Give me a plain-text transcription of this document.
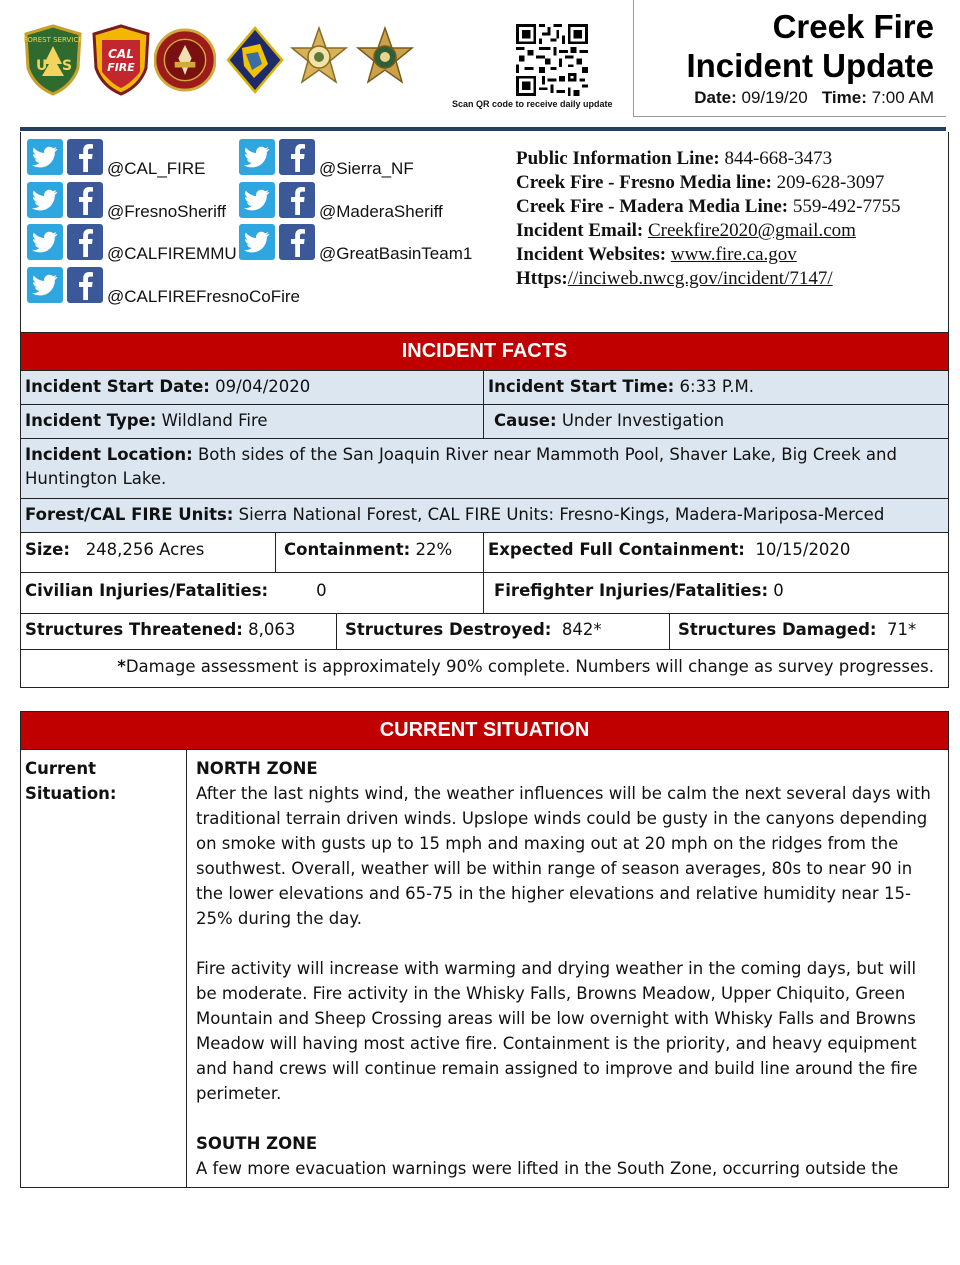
FOREST SERVICE
U S
CAL
FIRE
Scan QR code to receive daily update
Creek Fire
Incident Update
Date: 09/19/20 Time: 7:00 AM
@CAL_FIRE	@Sierra_NF
@FresnoSheriff	@MaderaSheriff
@CALFIREMMU	@GreatBasinTeam1
@CALFIREFresnoCoFire
Public Information Line: 844-668-3473
Creek Fire - Fresno Media line: 209-628-3097
Creek Fire - Madera Media Line: 559-492-7755
Incident Email: Creekfire2020@gmail.com
Incident Websites: www.fire.ca.gov
Https://inciweb.nwcg.gov/incident/7147/
INCIDENT FACTS
Incident Start Date: 09/04/2020	Incident Start Time: 6:33 P.M.
Incident Type: Wildland Fire	Cause: Under Investigation
Incident Location: Both sides of the San Joaquin River near Mammoth Pool, Shaver Lake, Big Creek and Huntington Lake.
Forest/CAL FIRE Units: Sierra National Forest, CAL FIRE Units: Fresno-Kings, Madera-Mariposa-Merced
Size: 248,256 Acres	Containment: 22%	Expected Full Containment: 10/15/2020
Civilian Injuries/Fatalities:	0	Firefighter Injuries/Fatalities: 0
Structures Threatened: 8,063	Structures Destroyed: 842*	Structures Damaged: 71*
*Damage assessment is approximately 90% complete. Numbers will change as survey progresses.
CURRENT SITUATION
Current Situation:

NORTH ZONE

After the last nights wind, the weather influences will be calm the next several days with traditional terrain driven winds. Upslope winds could be gusty in the canyons depending on smoke with gusts up to 15 mph and maxing out at 20 mph on the ridges from the southwest. Overall, weather will be within range of season averages, 80s to near 90 in the lower elevations and 65-75 in the higher elevations and relative humidity near 15-25% during the day.

Fire activity will increase with warming and drying weather in the coming days, but will be moderate. Fire activity in the Whisky Falls, Browns Meadow, Upper Chiquito, Green Mountain and Sheep Crossing areas will be low overnight with Whisky Falls and Browns Meadow will having most active fire. Containment is the priority, and heavy equipment and hand crews will continue remain assigned to improve and build line around the fire perimeter.

SOUTH ZONE

A few more evacuation warnings were lifted in the South Zone, occurring outside the
